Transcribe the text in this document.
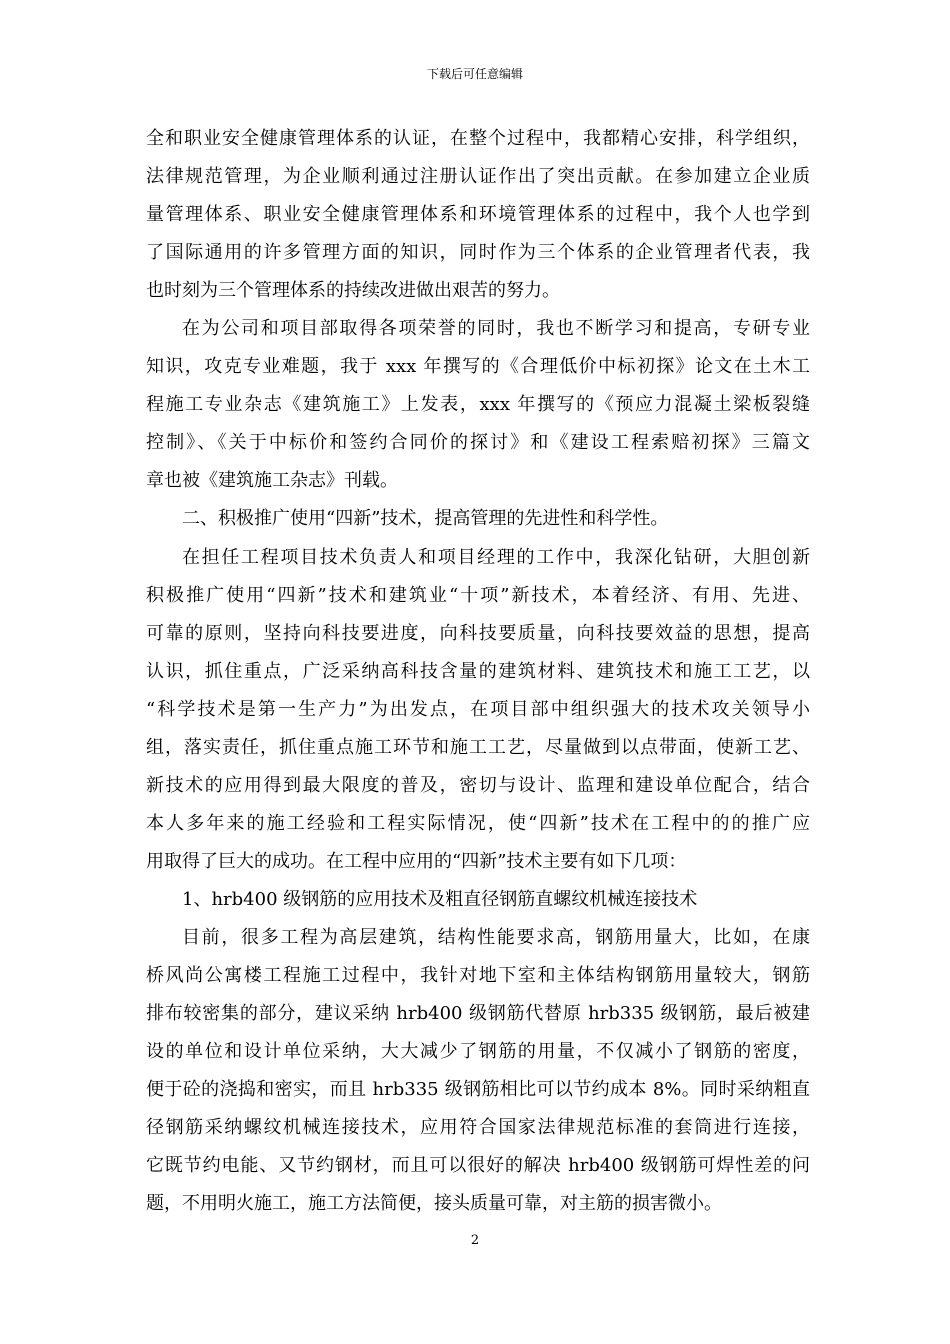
下载后可任意编辑
全和职业安全健康管理体系的认证，在整个过程中，我都精心安排，科学组织，
法律规范管理，为企业顺利通过注册认证作出了突出贡献。在参加建立企业质
量管理体系、职业安全健康管理体系和环境管理体系的过程中，我个人也学到
了国际通用的许多管理方面的知识，同时作为三个体系的企业管理者代表，我
也时刻为三个管理体系的持续改进做出艰苦的努力。
在为公司和项目部取得各项荣誉的同时，我也不断学习和提高，专研专业
知识，攻克专业难题，我于 xxx 年撰写的《合理低价中标初探》论文在土木工
程施工专业杂志《建筑施工》上发表，xxx 年撰写的《预应力混凝土梁板裂缝
控制》、《关于中标价和签约合同价的探讨》和《建设工程索赔初探》三篇文
章也被《建筑施工杂志》刊载。
二、积极推广使用“四新”技术，提高管理的先进性和科学性。
在担任工程项目技术负责人和项目经理的工作中，我深化钻研，大胆创新
积极推广使用“四新”技术和建筑业“十项”新技术，本着经济、有用、先进、
可靠的原则，坚持向科技要进度，向科技要质量，向科技要效益的思想，提高
认识，抓住重点，广泛采纳高科技含量的建筑材料、建筑技术和施工工艺，以
“科学技术是第一生产力”为出发点，在项目部中组织强大的技术攻关领导小
组，落实责任，抓住重点施工环节和施工工艺，尽量做到以点带面，使新工艺、
新技术的应用得到最大限度的普及，密切与设计、监理和建设单位配合，结合
本人多年来的施工经验和工程实际情况，使“四新”技术在工程中的的推广应
用取得了巨大的成功。在工程中应用的“四新”技术主要有如下几项：
1、hrb400 级钢筋的应用技术及粗直径钢筋直螺纹机械连接技术
目前，很多工程为高层建筑，结构性能要求高，钢筋用量大，比如，在康
桥风尚公寓楼工程施工过程中，我针对地下室和主体结构钢筋用量较大，钢筋
排布较密集的部分，建议采纳 hrb400 级钢筋代替原 hrb335 级钢筋，最后被建
设的单位和设计单位采纳，大大减少了钢筋的用量，不仅减小了钢筋的密度，
便于砼的浇捣和密实，而且 hrb335 级钢筋相比可以节约成本 8%。同时采纳粗直
径钢筋采纳螺纹机械连接技术，应用符合国家法律规范标准的套筒进行连接，
它既节约电能、又节约钢材，而且可以很好的解决 hrb400 级钢筋可焊性差的问
题，不用明火施工，施工方法简便，接头质量可靠，对主筋的损害微小。
2
